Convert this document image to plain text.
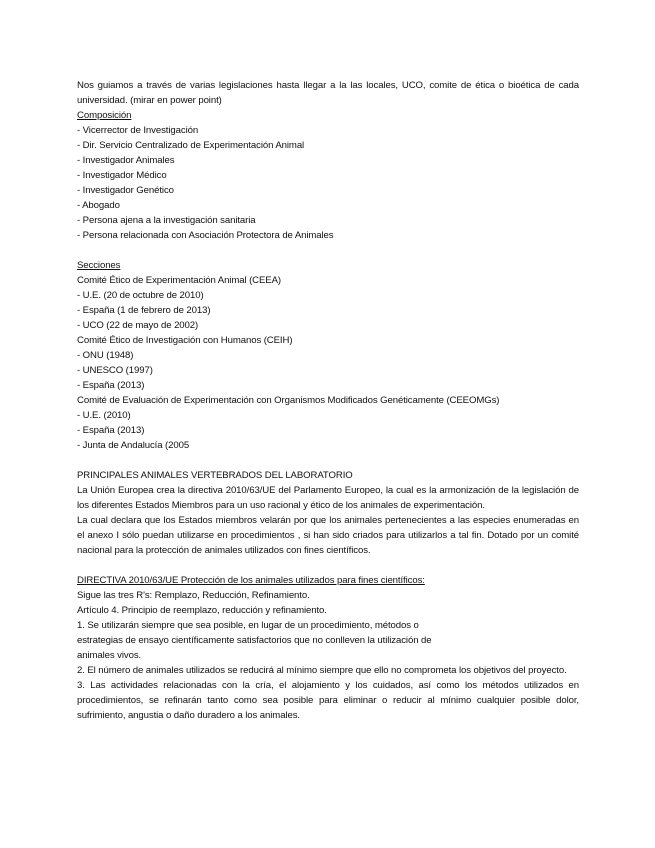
Nos guiamos a través de varias legislaciones hasta llegar a la las locales, UCO, comite de ética o bioética de cada universidad. (mirar en power point)

Composición

- Vicerrector de Investigación
- Dir. Servicio Centralizado de Experimentación Animal
- Investigador Animales
- Investigador Médico
- Investigador Genético
- Abogado
- Persona ajena a la investigación sanitaria
- Persona relacionada con Asociación Protectora de Animales

Secciones

Comité Ético de Experimentación Animal (CEEA)

- U.E. (20 de octubre de 2010)
- España (1 de febrero de 2013)
- UCO (22 de mayo de 2002)

Comité Ético de Investigación con Humanos (CEIH)

- ONU (1948)
- UNESCO (1997)
- España (2013)

Comité de Evaluación de Experimentación con Organismos Modificados Genéticamente (CEEOMGs)

- U.E. (2010)
- España (2013)
- Junta de Andalucía (2005

PRINCIPALES ANIMALES VERTEBRADOS DEL LABORATORIO

La Unión Europea crea la directiva 2010/63/UE del Parlamento Europeo, la cual es la armonización de la legislación de los diferentes Estados Miembros para un uso racional y ético de los animales de experimentación.

La cual declara que los Estados miembros velarán por que los animales pertenecientes a las especies enumeradas en el anexo I sólo puedan utilizarse en procedimientos , si han sido criados para utilizarlos a tal fin. Dotado por un comité nacional para la protección de animales utilizados con fines científicos.

DIRECTIVA 2010/63/UE Protección de los animales utilizados para fines científicos:

Sigue las tres R's: Remplazo, Reducción, Refinamiento.

Artículo 4. Principio de reemplazo, reducción y refinamiento.

1. Se utilizarán siempre que sea posible, en lugar de un procedimiento, métodos o

estrategias de ensayo científicamente satisfactorios que no conlleven la utilización de

animales vivos.

2. El número de animales utilizados se reducirá al mínimo siempre que ello no comprometa los objetivos del proyecto.

3. Las actividades relacionadas con la cría, el alojamiento y los cuidados, así como los métodos utilizados en procedimientos, se refinarán tanto como sea posible para eliminar o reducir al mínimo cualquier posible dolor, sufrimiento, angustia o daño duradero a los animales.
